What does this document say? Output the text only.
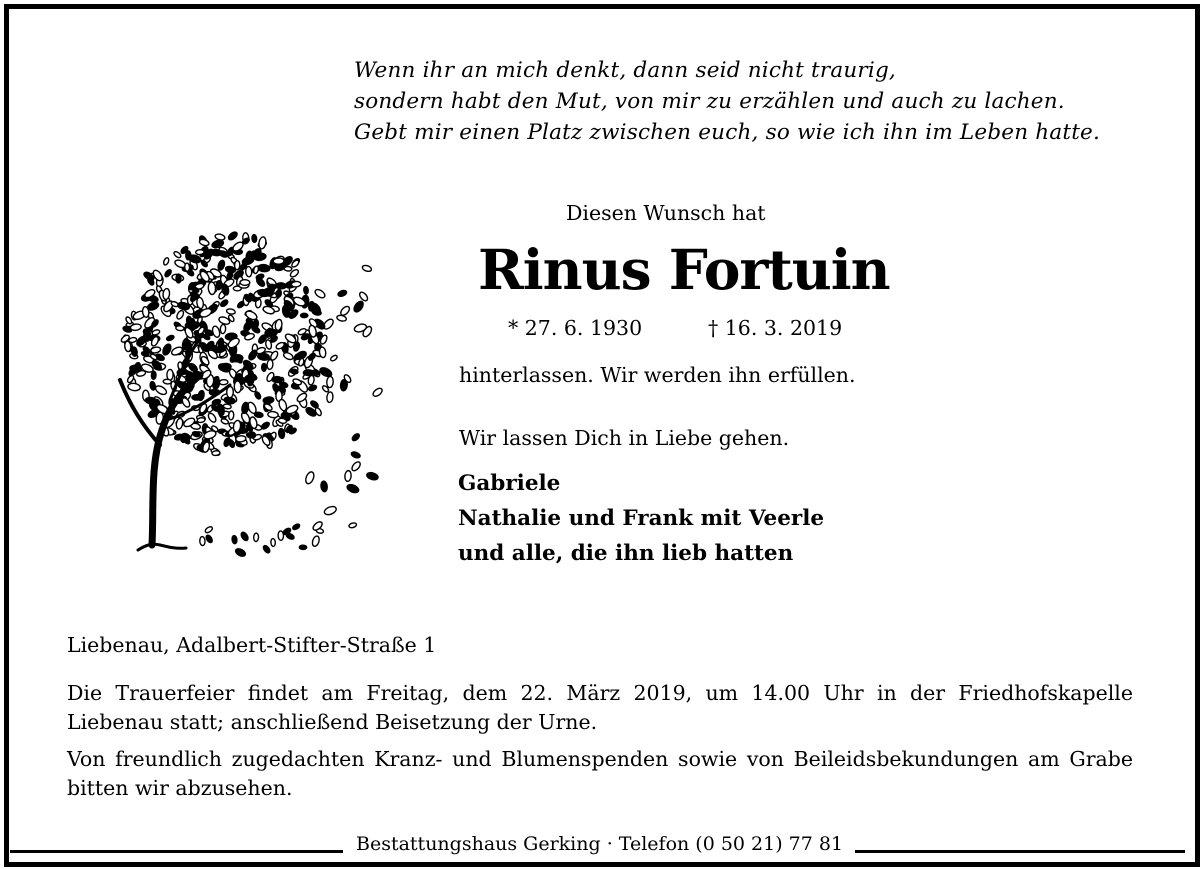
Wenn ihr an mich denkt, dann seid nicht traurig,
sondern habt den Mut, von mir zu erzählen und auch zu lachen.
Gebt mir einen Platz zwischen euch, so wie ich ihn im Leben hatte.
Diesen Wunsch hat
Rinus Fortuin
* 27. 6. 1930	† 16. 3. 2019
hinterlassen. Wir werden ihn erfüllen.
Wir lassen Dich in Liebe gehen.
Gabriele
Nathalie und Frank mit Veerle
und alle, die ihn lieb hatten
Liebenau, Adalbert-Stifter-Straße 1
Die Trauerfeier findet am Freitag, dem 22. März 2019, um 14.00 Uhr in der Friedhofskapelle Liebenau statt; anschließend Beisetzung der Urne.
Von freundlich zugedachten Kranz- und Blumenspenden sowie von Beileidsbekundungen am Grabe bitten wir abzusehen.
Bestattungshaus Gerking · Telefon (0 50 21) 77 81
